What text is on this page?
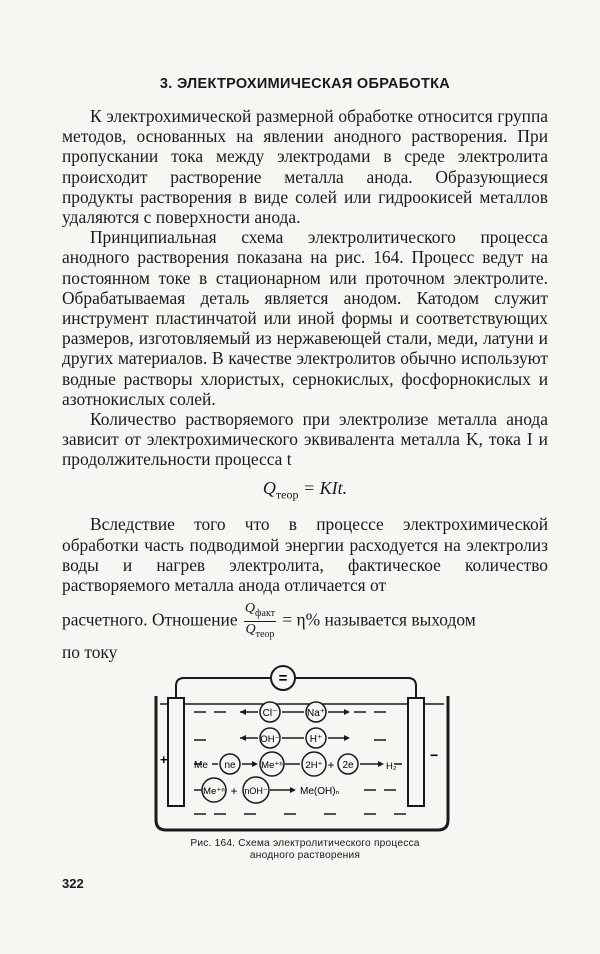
3. ЭЛЕКТРОХИМИЧЕСКАЯ ОБРАБОТКА

К электрохимической размерной обработке относится группа методов, основанных на явлении анодного растворения. При пропускании тока между электродами в среде электролита происходит растворение металла анода. Образующиеся продукты растворения в виде солей или гидроокисей металлов удаляются с поверхности анода.

Принципиальная схема электролитического процесса анодного растворения показана на рис. 164. Процесс ведут на постоянном токе в стационарном или проточном электролите. Обрабатываемая деталь является анодом. Катодом служит инструмент пластинчатой или иной формы и соответствующих размеров, изготовляемый из нержавеющей стали, меди, латуни и других материалов. В качестве электролитов обычно используют водные растворы хлористых, сернокислых, фосфорнокислых и азотнокислых солей.

Количество растворяемого при электролизе металла анода зависит от электрохимического эквивалента металла K, тока I и продолжительности процесса t

$Q_{теор}$ = KIt.

Вследствие того что в процессе электрохимической обработки часть подводимой энергии расходуется на электролиз воды и нагрев электролита, фактическое количество растворяемого металла анода отличается от

расчетного. Отношение $\frac{Q_{факт}}{Q_{теор}} = \eta\%$ называется выходом
по току
=
+	−
Cl⁻	Na⁺
OH⁻	H⁺
Me ne	Me⁺ⁿ 2H⁺ + 2e	H₂
Me⁺ⁿ + nOH⁻	Me(OH)ₙ
Рис. 164. Схема электролитического процесса
анодного растворения
322
